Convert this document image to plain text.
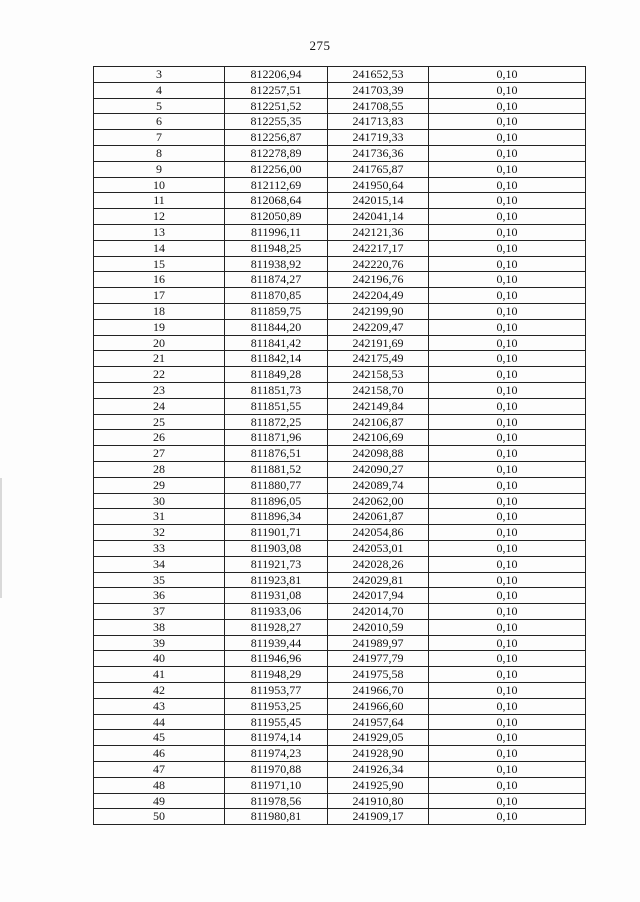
275
3	812206,94	241652,53	0,10
4	812257,51	241703,39	0,10
5	812251,52	241708,55	0,10
6	812255,35	241713,83	0,10
7	812256,87	241719,33	0,10
8	812278,89	241736,36	0,10
9	812256,00	241765,87	0,10
10	812112,69	241950,64	0,10
11	812068,64	242015,14	0,10
12	812050,89	242041,14	0,10
13	811996,11	242121,36	0,10
14	811948,25	242217,17	0,10
15	811938,92	242220,76	0,10
16	811874,27	242196,76	0,10
17	811870,85	242204,49	0,10
18	811859,75	242199,90	0,10
19	811844,20	242209,47	0,10
20	811841,42	242191,69	0,10
21	811842,14	242175,49	0,10
22	811849,28	242158,53	0,10
23	811851,73	242158,70	0,10
24	811851,55	242149,84	0,10
25	811872,25	242106,87	0,10
26	811871,96	242106,69	0,10
27	811876,51	242098,88	0,10
28	811881,52	242090,27	0,10
29	811880,77	242089,74	0,10
30	811896,05	242062,00	0,10
31	811896,34	242061,87	0,10
32	811901,71	242054,86	0,10
33	811903,08	242053,01	0,10
34	811921,73	242028,26	0,10
35	811923,81	242029,81	0,10
36	811931,08	242017,94	0,10
37	811933,06	242014,70	0,10
38	811928,27	242010,59	0,10
39	811939,44	241989,97	0,10
40	811946,96	241977,79	0,10
41	811948,29	241975,58	0,10
42	811953,77	241966,70	0,10
43	811953,25	241966,60	0,10
44	811955,45	241957,64	0,10
45	811974,14	241929,05	0,10
46	811974,23	241928,90	0,10
47	811970,88	241926,34	0,10
48	811971,10	241925,90	0,10
49	811978,56	241910,80	0,10
50	811980,81	241909,17	0,10
